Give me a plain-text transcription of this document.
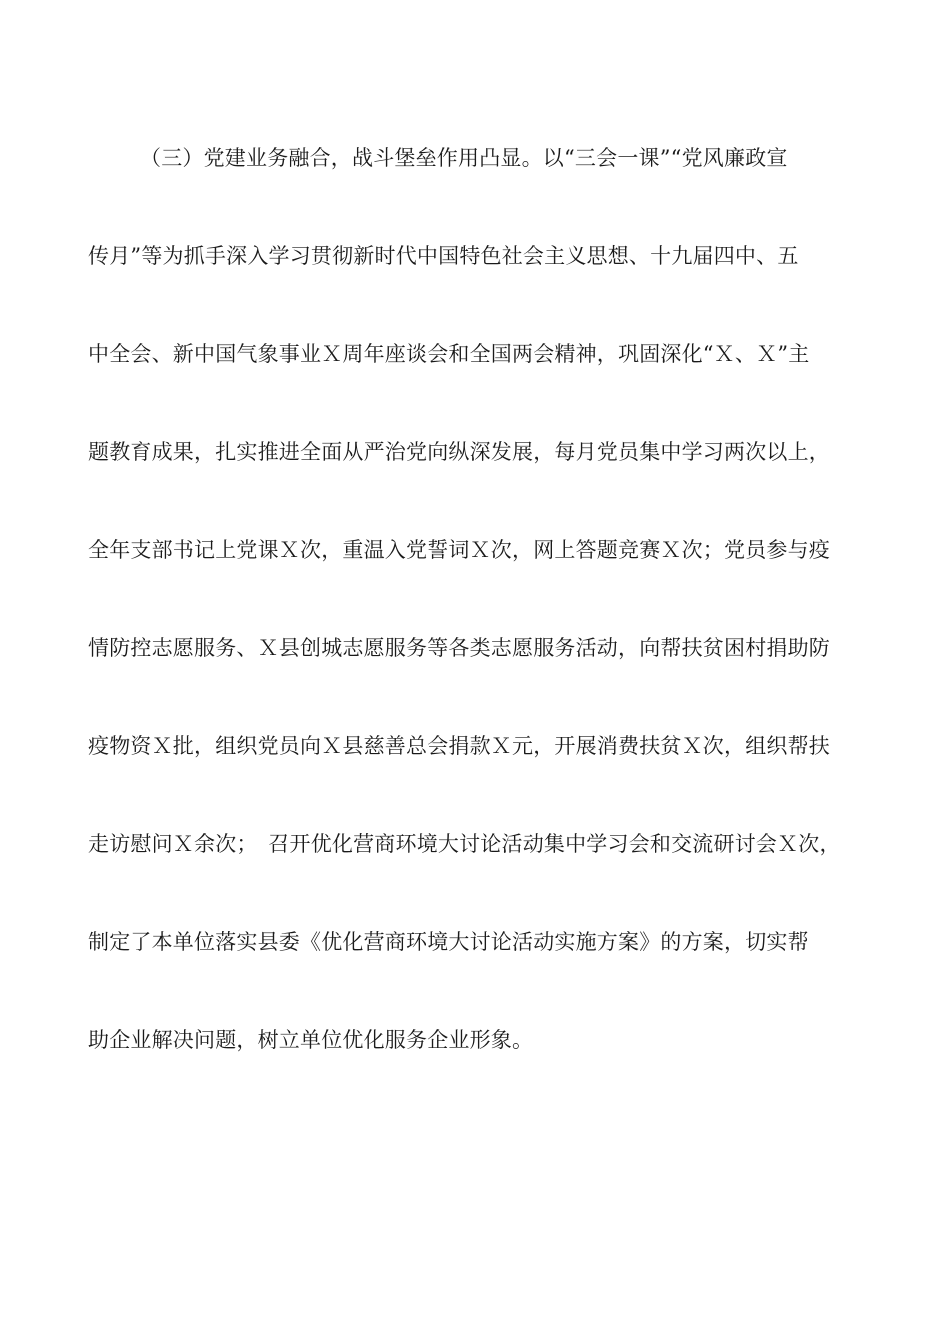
（三）党建业务融合，战斗堡垒作用凸显。以“三会一课”“党风廉政宣
传月”等为抓手深入学习贯彻新时代中国特色社会主义思想、十九届四中、五
中全会、新中国气象事业Ｘ周年座谈会和全国两会精神，巩固深化“Ｘ、Ｘ”主
题教育成果，扎实推进全面从严治党向纵深发展，每月党员集中学习两次以上，
全年支部书记上党课Ｘ次，重温入党誓词Ｘ次，网上答题竞赛Ｘ次；党员参与疫
情防控志愿服务、Ｘ县创城志愿服务等各类志愿服务活动，向帮扶贫困村捐助防
疫物资Ｘ批，组织党员向Ｘ县慈善总会捐款Ｘ元，开展消费扶贫Ｘ次，组织帮扶
走访慰问Ｘ余次；　召开优化营商环境大讨论活动集中学习会和交流研讨会Ｘ次，
制定了本单位落实县委《优化营商环境大讨论活动实施方案》的方案，切实帮
助企业解决问题，树立单位优化服务企业形象。
